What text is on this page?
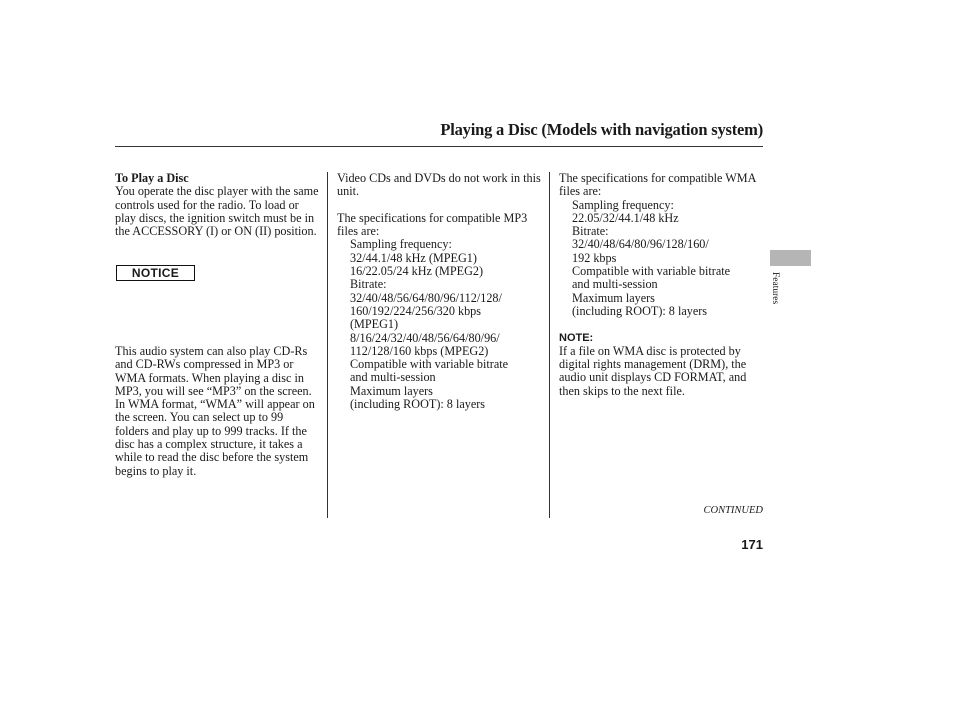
Playing a Disc (Models with navigation system)

To Play a Disc

You operate the disc player with the same controls used for the radio. To load or play discs, the ignition switch must be in the ACCESSORY (I) or ON (II) position.

NOTICE

This audio system can also play CD-Rs and CD-RWs compressed in MP3 or WMA formats. When playing a disc in MP3, you will see “MP3” on the screen. In WMA format, “WMA” will appear on the screen. You can select up to 99 folders and play up to 999 tracks. If the disc has a complex structure, it takes a while to read the disc before the system begins to play it.

Video CDs and DVDs do not work in this unit.

The specifications for compatible MP3 files are:

Sampling frequency:

32/44.1/48 kHz (MPEG1)

16/22.05/24 kHz (MPEG2)

Bitrate:

32/40/48/56/64/80/96/112/128/

160/192/224/256/320 kbps

(MPEG1)

8/16/24/32/40/48/56/64/80/96/

112/128/160 kbps (MPEG2)

Compatible with variable bitrate

and multi-session

Maximum layers

(including ROOT): 8 layers

The specifications for compatible WMA files are:

Sampling frequency:

22.05/32/44.1/48 kHz

Bitrate:

32/40/48/64/80/96/128/160/

192 kbps

Compatible with variable bitrate

and multi-session

Maximum layers

(including ROOT): 8 layers

NOTE:

If a file on WMA disc is protected by digital rights management (DRM), the audio unit displays CD FORMAT, and then skips to the next file.

CONTINUED
171
Features
